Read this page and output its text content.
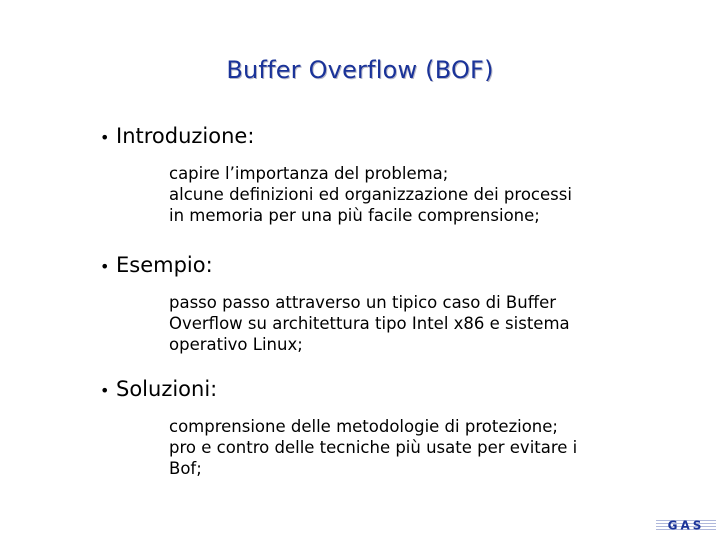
Buffer Overflow (BOF)
• Introduzione:
capire l’importanza del problema;
alcune definizioni ed organizzazione dei processi
in memoria per una più facile comprensione;
• Esempio:
passo passo attraverso un tipico caso di Buffer
Overflow su architettura tipo Intel x86 e sistema
operativo Linux;
• Soluzioni:
comprensione delle metodologie di protezione;
pro e contro delle tecniche più usate per evitare i
Bof;
GAS
